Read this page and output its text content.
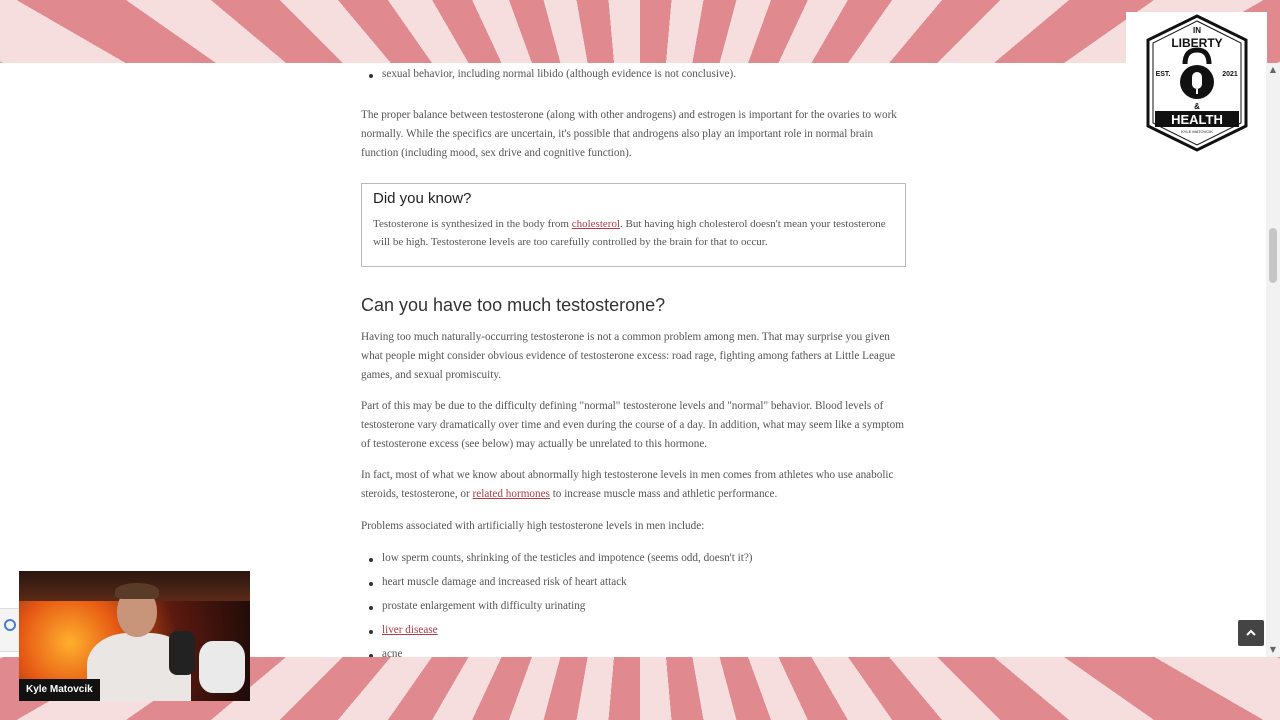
sexual behavior, including normal libido (although evidence is not conclusive).

The proper balance between testosterone (along with other androgens) and estrogen is important for the ovaries to work normally. While the specifics are uncertain, it's possible that androgens also play an important role in normal brain function (including mood, sex drive and cognitive function).

Did you know?

Testosterone is synthesized in the body from cholesterol. But having high cholesterol doesn't mean your testosterone will be high. Testosterone levels are too carefully controlled by the brain for that to occur.

Can you have too much testosterone?

Having too much naturally-occurring testosterone is not a common problem among men. That may surprise you given what people might consider obvious evidence of testosterone excess: road rage, fighting among fathers at Little League games, and sexual promiscuity.

Part of this may be due to the difficulty defining "normal" testosterone levels and "normal" behavior. Blood levels of testosterone vary dramatically over time and even during the course of a day. In addition, what may seem like a symptom of testosterone excess (see below) may actually be unrelated to this hormone.

In fact, most of what we know about abnormally high testosterone levels in men comes from athletes who use anabolic steroids, testosterone, or related hormones to increase muscle mass and athletic performance.

Problems associated with artificially high testosterone levels in men include:

low sperm counts, shrinking of the testicles and impotence (seems odd, doesn't it?)
heart muscle damage and increased risk of heart attack
prostate enlargement with difficulty urinating
liver disease
acne
▲
▼
IN
LIBERTY
EST.	2021
&
HEALTH
KYLE MATOVCIK
Kyle Matovcik
